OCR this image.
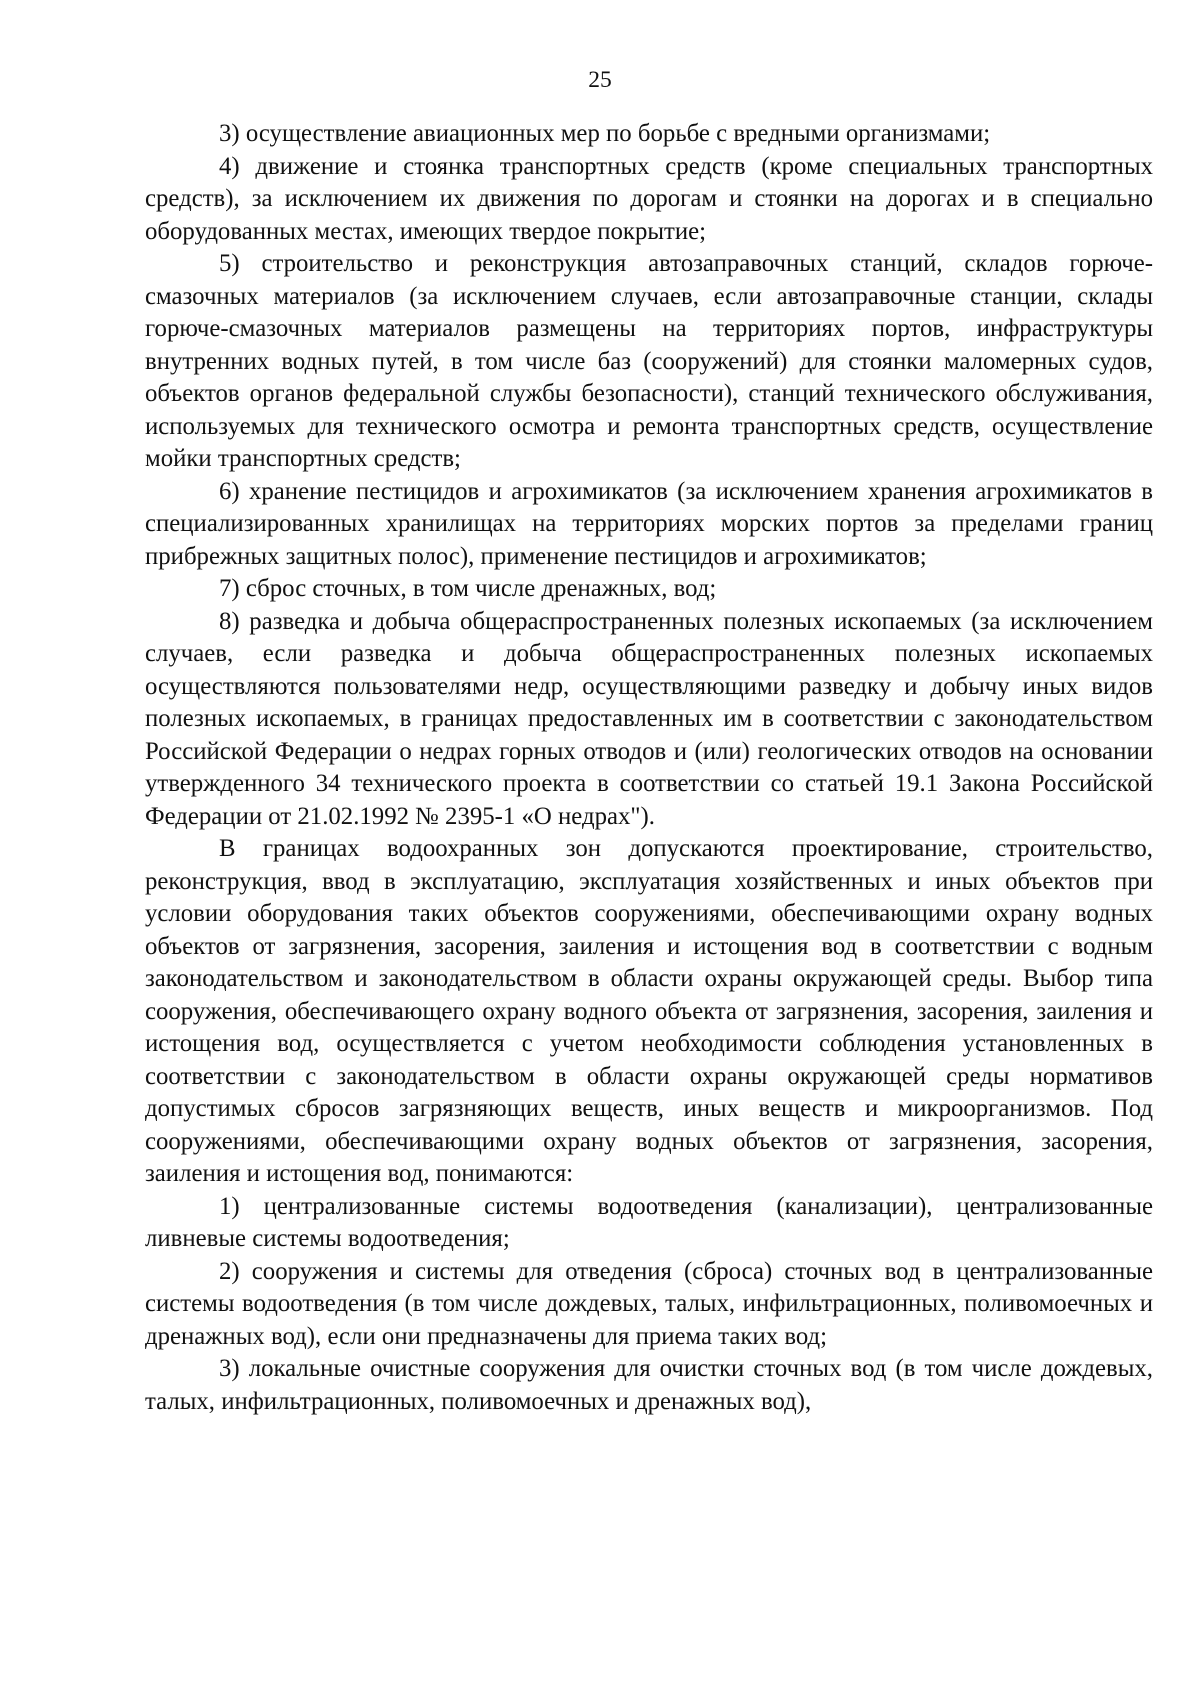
25

3) осуществление авиационных мер по борьбе с вредными организмами;

4) движение и стоянка транспортных средств (кроме специальных транспортных средств), за исключением их движения по дорогам и стоянки на дорогах и в специально оборудованных местах, имеющих твердое покрытие;

5) строительство и реконструкция автозаправочных станций, складов горюче-смазочных материалов (за исключением случаев, если автозаправочные станции, склады горюче-смазочных материалов размещены на территориях портов, инфраструктуры внутренних водных путей, в том числе баз (сооружений) для стоянки маломерных судов, объектов органов федеральной службы безопасности), станций технического обслуживания, используемых для технического осмотра и ремонта транспортных средств, осуществление мойки транспортных средств;

6) хранение пестицидов и агрохимикатов (за исключением хранения агрохимикатов в специализированных хранилищах на территориях морских портов за пределами границ прибрежных защитных полос), применение пестицидов и агрохимикатов;

7) сброс сточных, в том числе дренажных, вод;

8) разведка и добыча общераспространенных полезных ископаемых (за исключением случаев, если разведка и добыча общераспространенных полезных ископаемых осуществляются пользователями недр, осуществляющими разведку и добычу иных видов полезных ископаемых, в границах предоставленных им в соответствии с законодательством Российской Федерации о недрах горных отводов и (или) геологических отводов на основании утвержденного 34 технического проекта в соответствии со статьей 19.1 Закона Российской Федерации от 21.02.1992 № 2395-1 «О недрах").

В границах водоохранных зон допускаются проектирование, строительство, реконструкция, ввод в эксплуатацию, эксплуатация хозяйственных и иных объектов при условии оборудования таких объектов сооружениями, обеспечивающими охрану водных объектов от загрязнения, засорения, заиления и истощения вод в соответствии с водным законодательством и законодательством в области охраны окружающей среды. Выбор типа сооружения, обеспечивающего охрану водного объекта от загрязнения, засорения, заиления и истощения вод, осуществляется с учетом необходимости соблюдения установленных в соответствии с законодательством в области охраны окружающей среды нормативов допустимых сбросов загрязняющих веществ, иных веществ и микроорганизмов. Под сооружениями, обеспечивающими охрану водных объектов от загрязнения, засорения, заиления и истощения вод, понимаются:

1) централизованные системы водоотведения (канализации), централизованные ливневые системы водоотведения;

2) сооружения и системы для отведения (сброса) сточных вод в централизованные системы водоотведения (в том числе дождевых, талых, инфильтрационных, поливомоечных и дренажных вод), если они предназначены для приема таких вод;

3) локальные очистные сооружения для очистки сточных вод (в том числе дождевых, талых, инфильтрационных, поливомоечных и дренажных вод),
